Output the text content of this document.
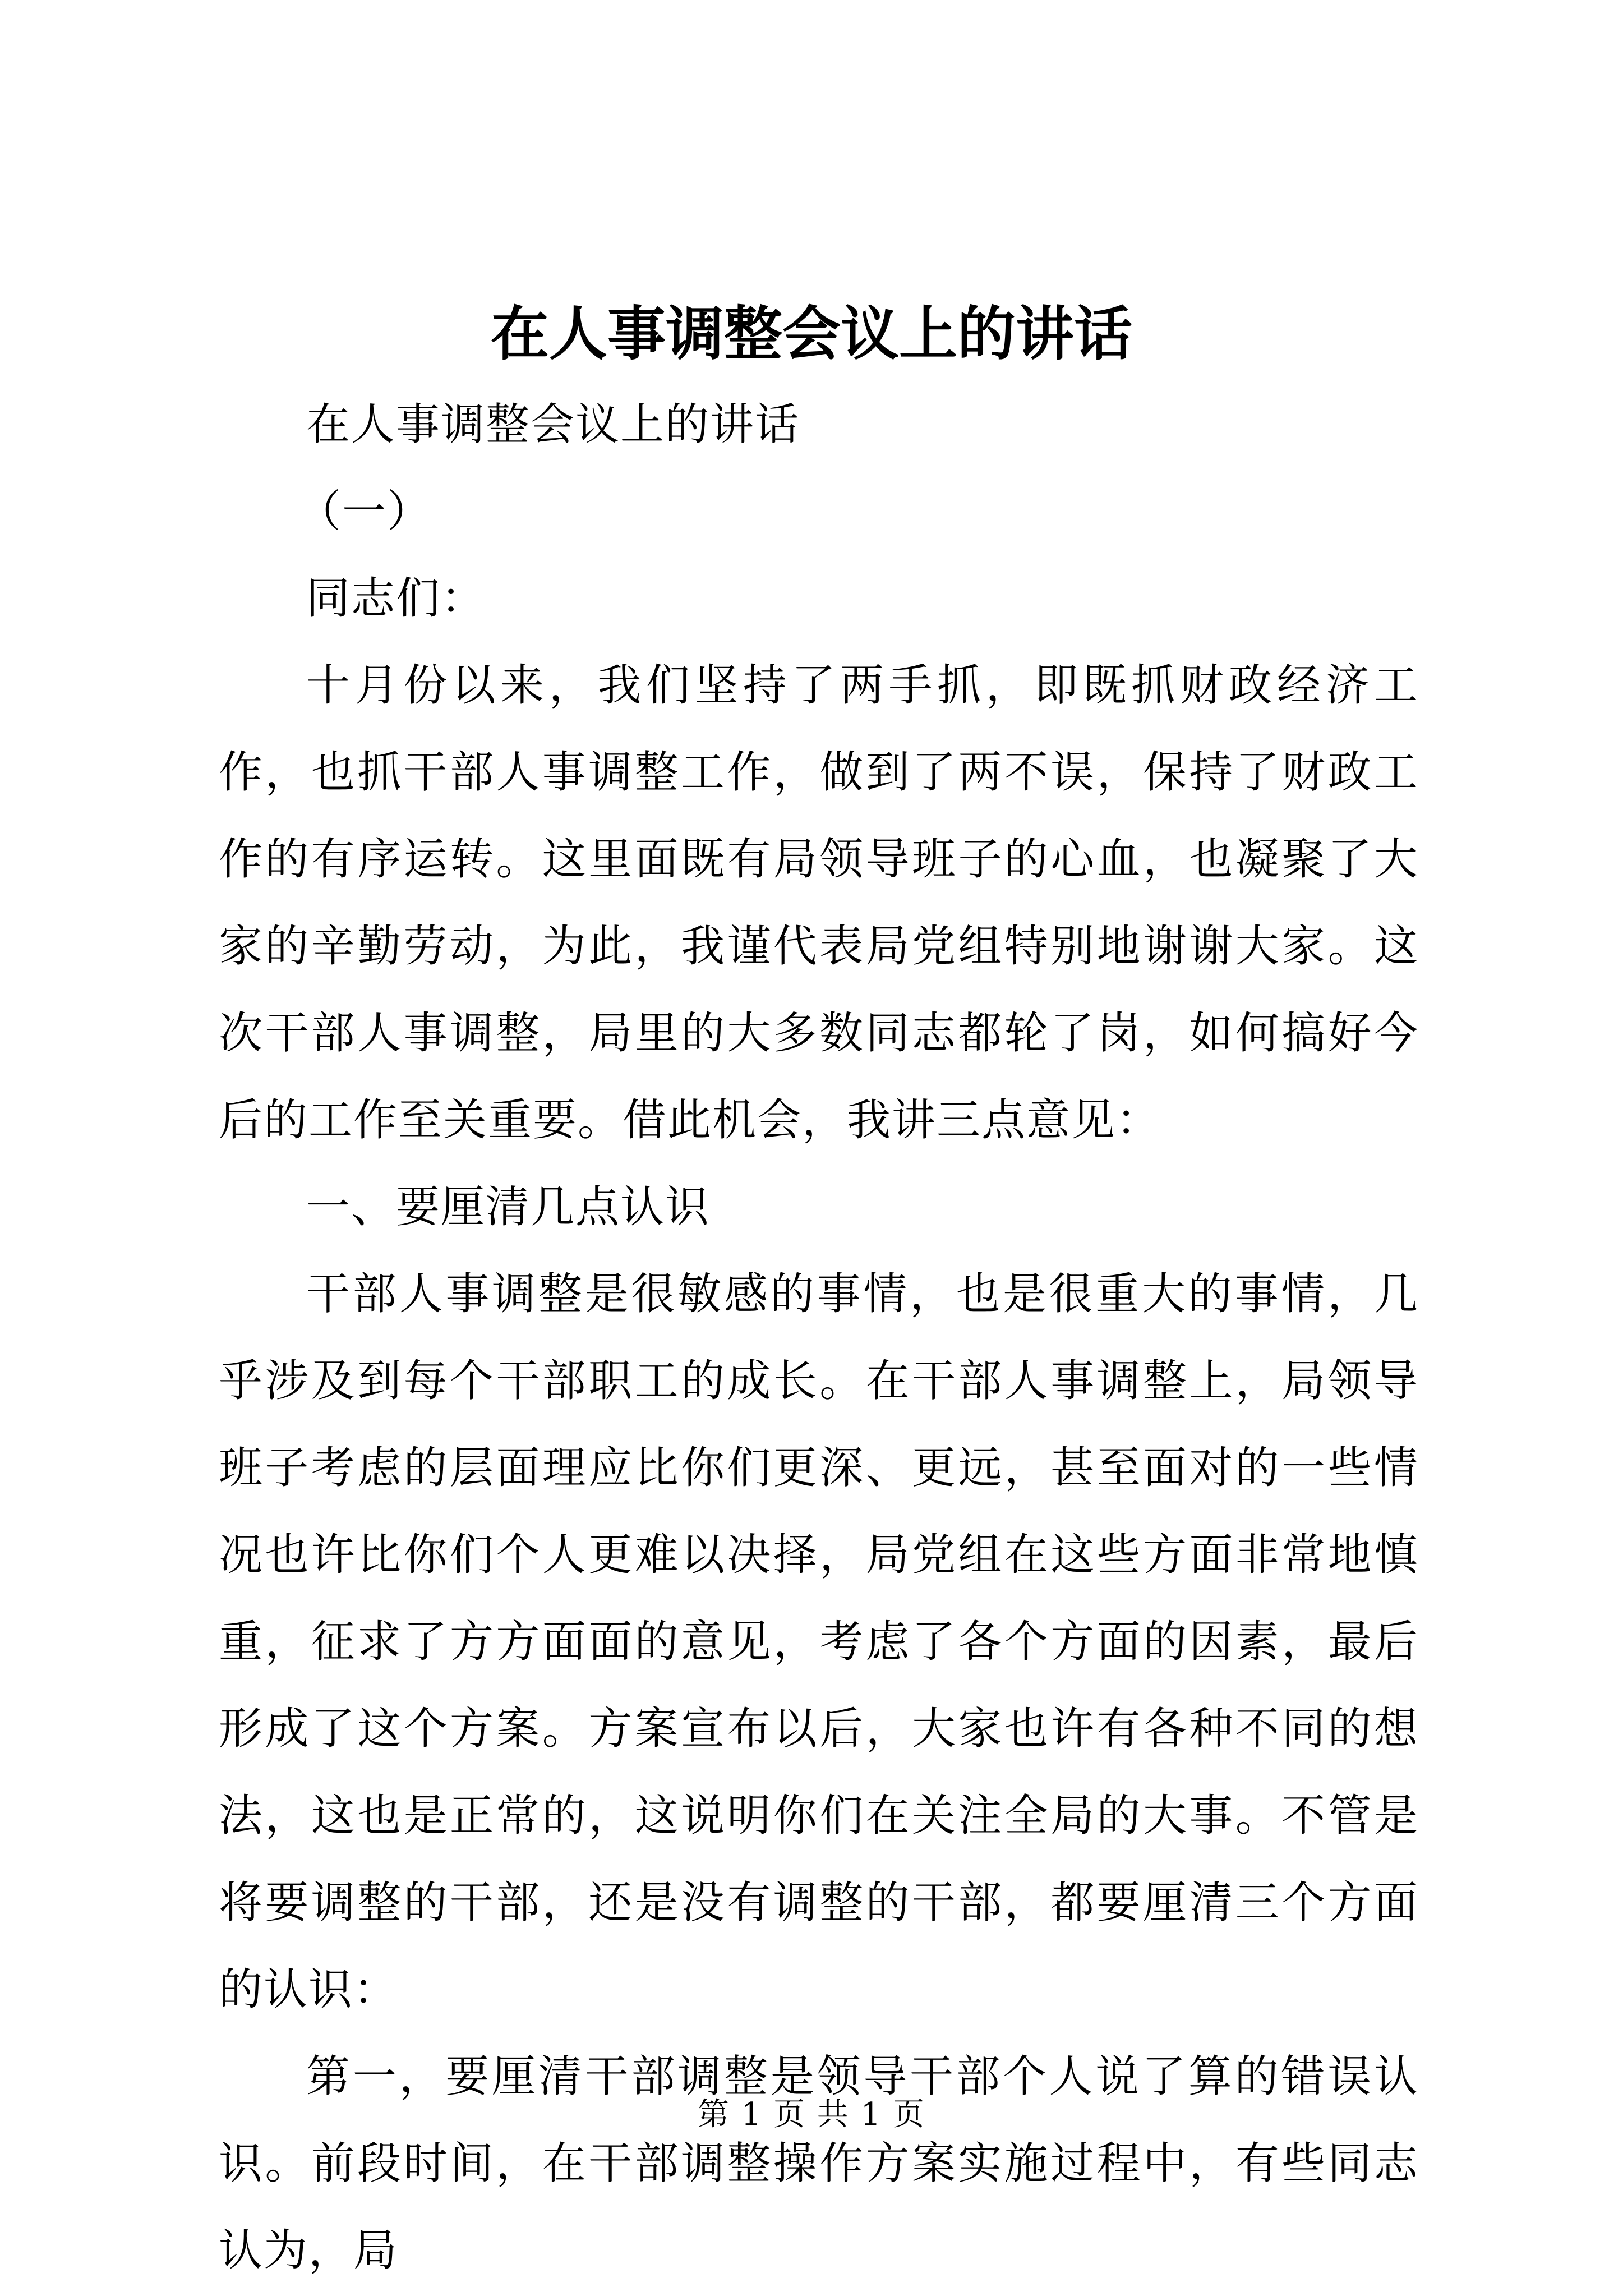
在人事调整会议上的讲话

在人事调整会议上的讲话

（一）

同志们：

十月份以来，我们坚持了两手抓，即既抓财政经济工作，也抓干部人事调整工作，做到了两不误，保持了财政工作的有序运转。这里面既有局领导班子的心血，也凝聚了大家的辛勤劳动，为此，我谨代表局党组特别地谢谢大家。这次干部人事调整，局里的大多数同志都轮了岗，如何搞好今后的工作至关重要。借此机会，我讲三点意见：

一、要厘清几点认识

干部人事调整是很敏感的事情，也是很重大的事情，几乎涉及到每个干部职工的成长。在干部人事调整上，局领导班子考虑的层面理应比你们更深、更远，甚至面对的一些情况也许比你们个人更难以决择，局党组在这些方面非常地慎重，征求了方方面面的意见，考虑了各个方面的因素，最后形成了这个方案。方案宣布以后，大家也许有各种不同的想法，这也是正常的，这说明你们在关注全局的大事。不管是将要调整的干部，还是没有调整的干部，都要厘清三个方面的认识：

第一，要厘清干部调整是领导干部个人说了算的错误认识。前段时间，在干部调整操作方案实施过程中，有些同志认为，局

第 1 页 共 1 页
